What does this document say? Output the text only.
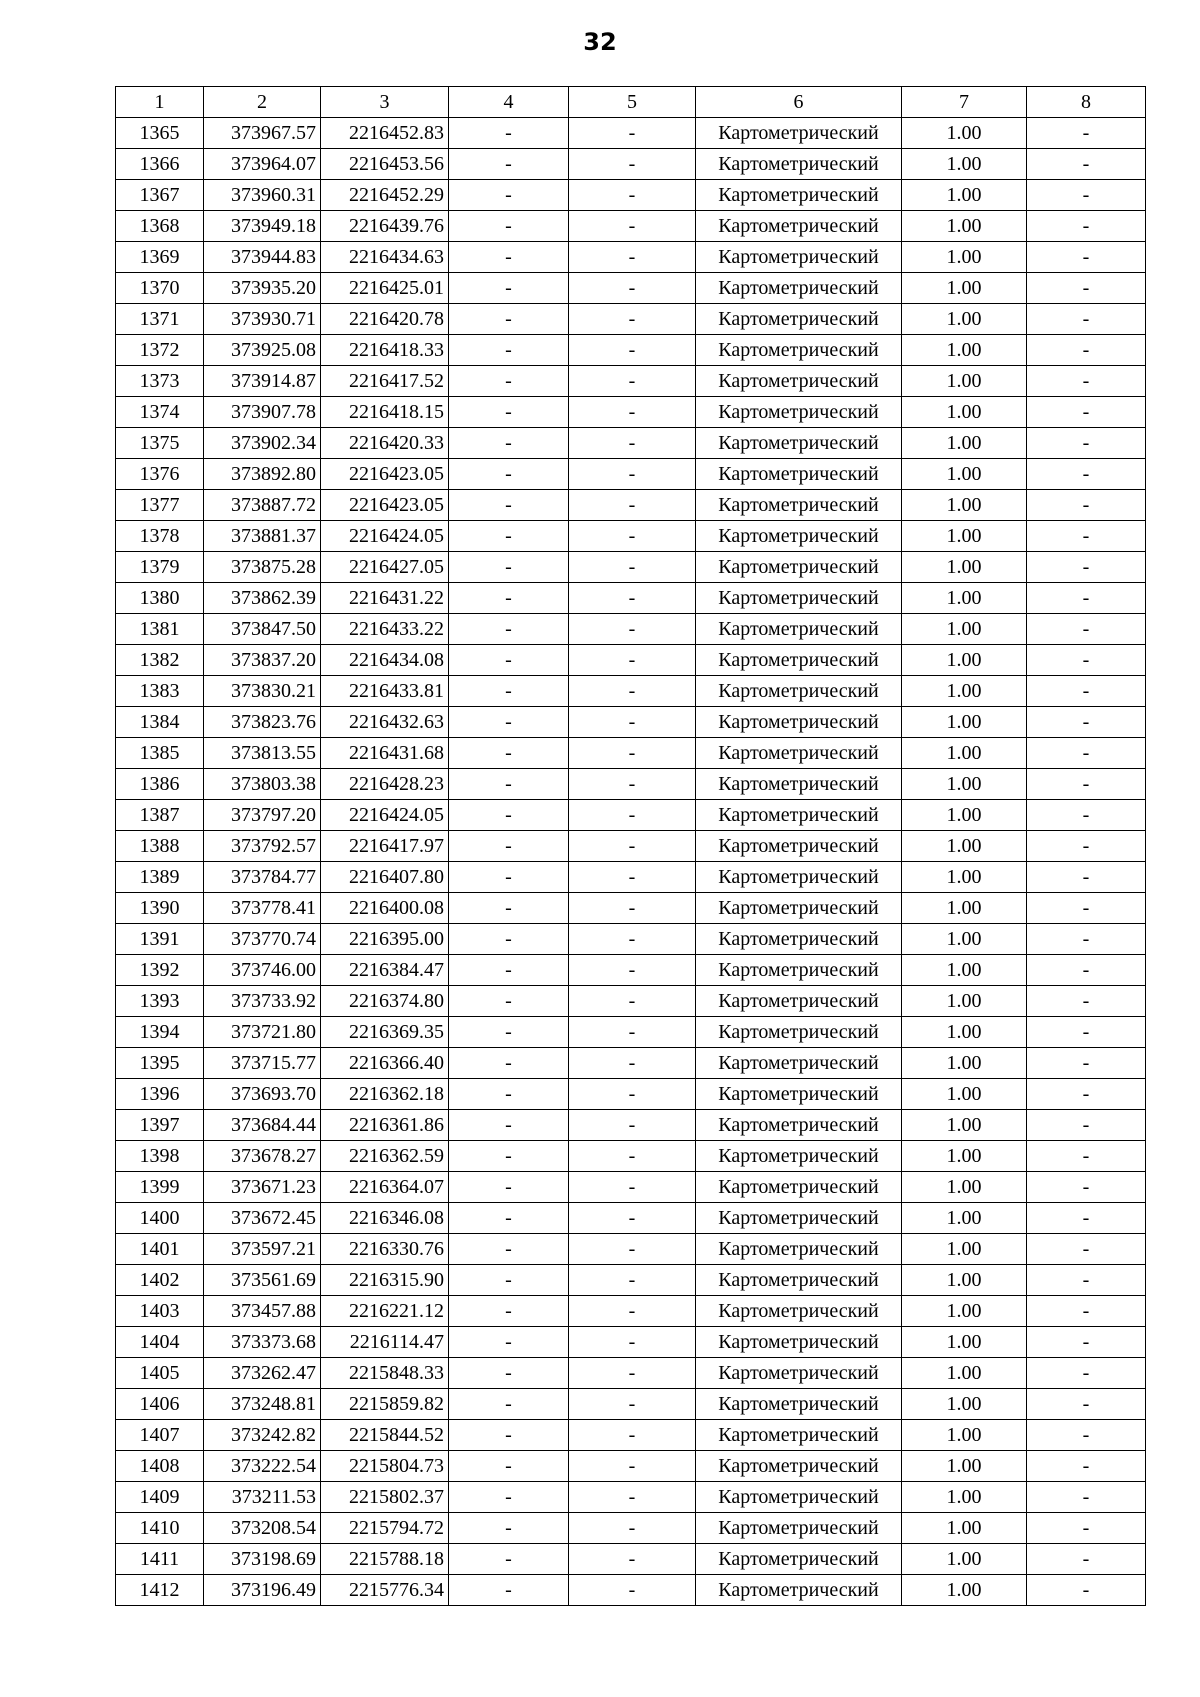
32
1	2	3	4	5	6	7	8
1365	373967.57	2216452.83	-	-	Картометрический	1.00	-
1366	373964.07	2216453.56	-	-	Картометрический	1.00	-
1367	373960.31	2216452.29	-	-	Картометрический	1.00	-
1368	373949.18	2216439.76	-	-	Картометрический	1.00	-
1369	373944.83	2216434.63	-	-	Картометрический	1.00	-
1370	373935.20	2216425.01	-	-	Картометрический	1.00	-
1371	373930.71	2216420.78	-	-	Картометрический	1.00	-
1372	373925.08	2216418.33	-	-	Картометрический	1.00	-
1373	373914.87	2216417.52	-	-	Картометрический	1.00	-
1374	373907.78	2216418.15	-	-	Картометрический	1.00	-
1375	373902.34	2216420.33	-	-	Картометрический	1.00	-
1376	373892.80	2216423.05	-	-	Картометрический	1.00	-
1377	373887.72	2216423.05	-	-	Картометрический	1.00	-
1378	373881.37	2216424.05	-	-	Картометрический	1.00	-
1379	373875.28	2216427.05	-	-	Картометрический	1.00	-
1380	373862.39	2216431.22	-	-	Картометрический	1.00	-
1381	373847.50	2216433.22	-	-	Картометрический	1.00	-
1382	373837.20	2216434.08	-	-	Картометрический	1.00	-
1383	373830.21	2216433.81	-	-	Картометрический	1.00	-
1384	373823.76	2216432.63	-	-	Картометрический	1.00	-
1385	373813.55	2216431.68	-	-	Картометрический	1.00	-
1386	373803.38	2216428.23	-	-	Картометрический	1.00	-
1387	373797.20	2216424.05	-	-	Картометрический	1.00	-
1388	373792.57	2216417.97	-	-	Картометрический	1.00	-
1389	373784.77	2216407.80	-	-	Картометрический	1.00	-
1390	373778.41	2216400.08	-	-	Картометрический	1.00	-
1391	373770.74	2216395.00	-	-	Картометрический	1.00	-
1392	373746.00	2216384.47	-	-	Картометрический	1.00	-
1393	373733.92	2216374.80	-	-	Картометрический	1.00	-
1394	373721.80	2216369.35	-	-	Картометрический	1.00	-
1395	373715.77	2216366.40	-	-	Картометрический	1.00	-
1396	373693.70	2216362.18	-	-	Картометрический	1.00	-
1397	373684.44	2216361.86	-	-	Картометрический	1.00	-
1398	373678.27	2216362.59	-	-	Картометрический	1.00	-
1399	373671.23	2216364.07	-	-	Картометрический	1.00	-
1400	373672.45	2216346.08	-	-	Картометрический	1.00	-
1401	373597.21	2216330.76	-	-	Картометрический	1.00	-
1402	373561.69	2216315.90	-	-	Картометрический	1.00	-
1403	373457.88	2216221.12	-	-	Картометрический	1.00	-
1404	373373.68	2216114.47	-	-	Картометрический	1.00	-
1405	373262.47	2215848.33	-	-	Картометрический	1.00	-
1406	373248.81	2215859.82	-	-	Картометрический	1.00	-
1407	373242.82	2215844.52	-	-	Картометрический	1.00	-
1408	373222.54	2215804.73	-	-	Картометрический	1.00	-
1409	373211.53	2215802.37	-	-	Картометрический	1.00	-
1410	373208.54	2215794.72	-	-	Картометрический	1.00	-
1411	373198.69	2215788.18	-	-	Картометрический	1.00	-
1412	373196.49	2215776.34	-	-	Картометрический	1.00	-
